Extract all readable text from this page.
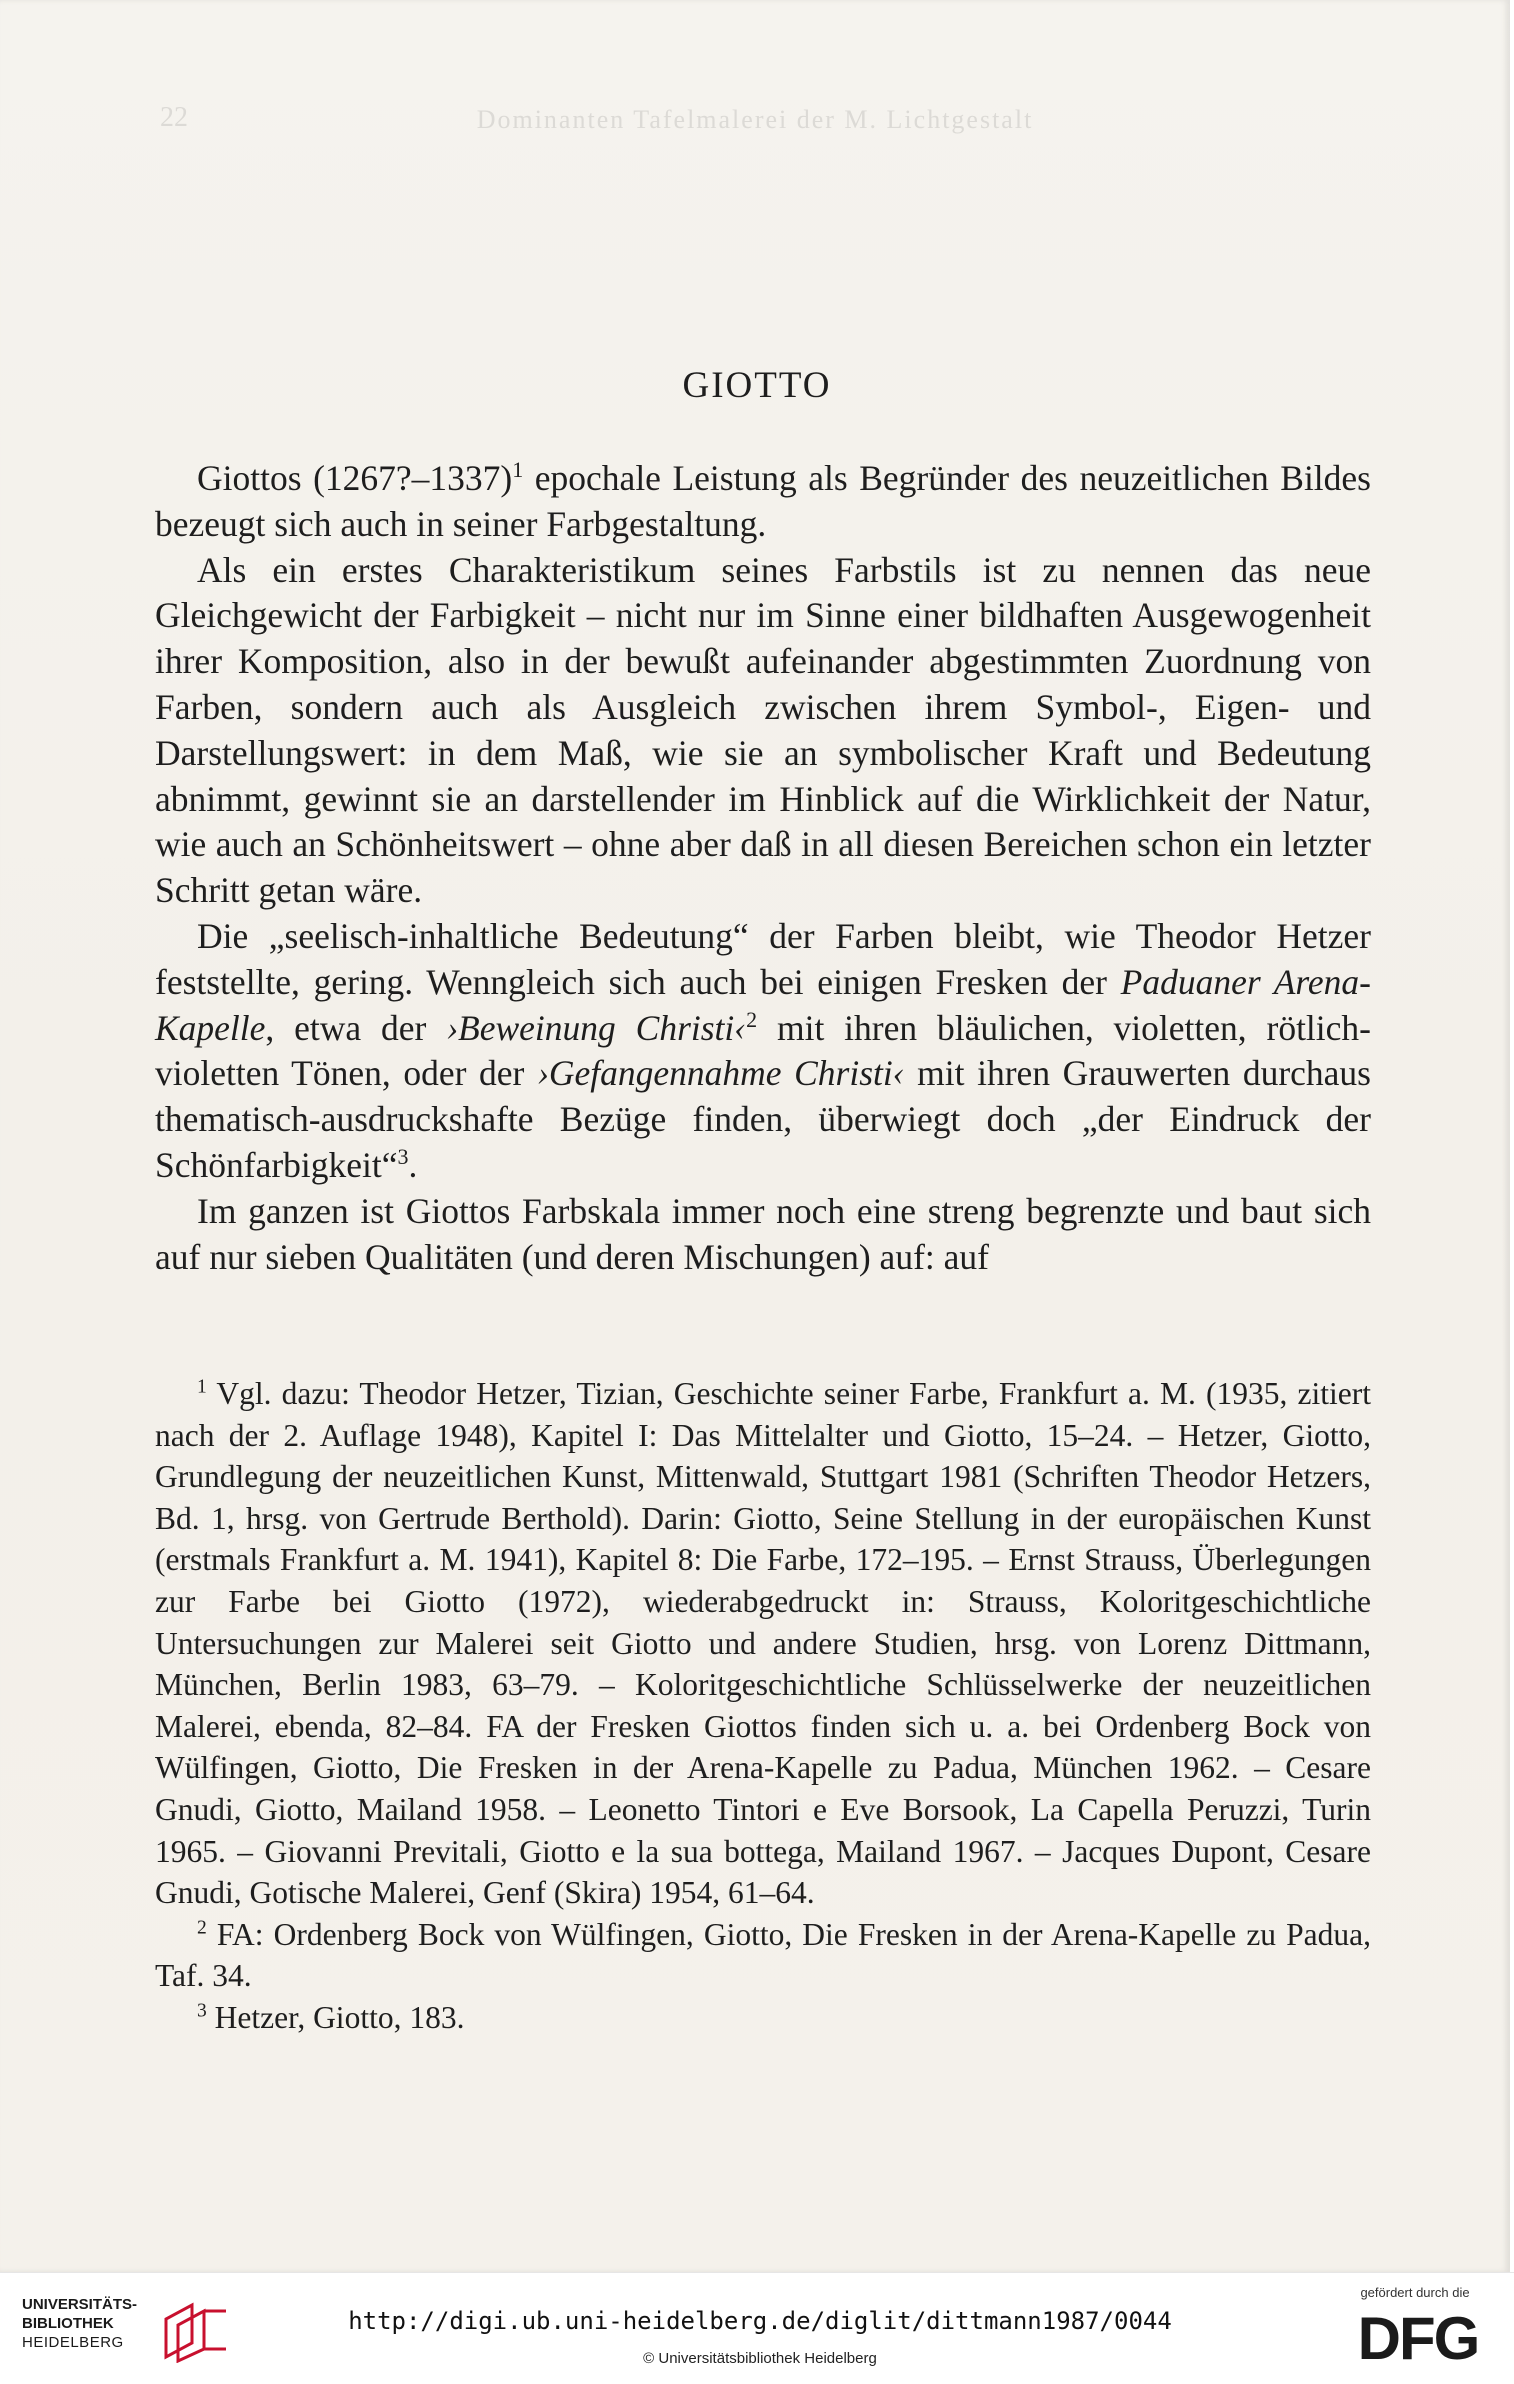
22	Dominanten Tafelmalerei der M. Lichtgestalt
GIOTTO

Giottos (1267?–1337)$^1$ epochale Leistung als Begründer des neuzeitlichen Bildes bezeugt sich auch in seiner Farbgestaltung.

Als ein erstes Charakteristikum seines Farbstils ist zu nennen das neue Gleichgewicht der Farbigkeit – nicht nur im Sinne einer bildhaften Ausgewogenheit ihrer Komposition, also in der bewußt aufeinander abgestimmten Zuordnung von Farben, sondern auch als Ausgleich zwischen ihrem Symbol-, Eigen- und Darstellungswert: in dem Maß, wie sie an symbolischer Kraft und Bedeutung abnimmt, gewinnt sie an darstellender im Hinblick auf die Wirklichkeit der Natur, wie auch an Schönheitswert – ohne aber daß in all diesen Bereichen schon ein letzter Schritt getan wäre.

Die „seelisch-inhaltliche Bedeutung“ der Farben bleibt, wie Theodor Hetzer feststellte, gering. Wenngleich sich auch bei einigen Fresken der Paduaner Arena-Kapelle, etwa der ›Beweinung Christi‹$^2$ mit ihren bläulichen, violetten, rötlich-violetten Tönen, oder der ›Gefangennahme Christi‹ mit ihren Grauwerten durchaus thematisch-ausdruckshafte Bezüge finden, überwiegt doch „der Eindruck der Schönfarbigkeit“$^3$.

Im ganzen ist Giottos Farbskala immer noch eine streng begrenzte und baut sich auf nur sieben Qualitäten (und deren Mischungen) auf: auf

$^1$ Vgl. dazu: Theodor Hetzer, Tizian, Geschichte seiner Farbe, Frankfurt a. M. (1935, zitiert nach der 2. Auflage 1948), Kapitel I: Das Mittelalter und Giotto, 15–24. – Hetzer, Giotto, Grundlegung der neuzeitlichen Kunst, Mittenwald, Stuttgart 1981 (Schriften Theodor Hetzers, Bd. 1, hrsg. von Gertrude Berthold). Darin: Giotto, Seine Stellung in der europäischen Kunst (erstmals Frankfurt a. M. 1941), Kapitel 8: Die Farbe, 172–195. – Ernst Strauss, Überlegungen zur Farbe bei Giotto (1972), wiederabgedruckt in: Strauss, Koloritgeschichtliche Untersuchungen zur Malerei seit Giotto und andere Studien, hrsg. von Lorenz Dittmann, München, Berlin 1983, 63–79. – Koloritgeschichtliche Schlüsselwerke der neuzeitlichen Malerei, ebenda, 82–84. FA der Fresken Giottos finden sich u. a. bei Ordenberg Bock von Wülfingen, Giotto, Die Fresken in der Arena-Kapelle zu Padua, München 1962. – Cesare Gnudi, Giotto, Mailand 1958. – Leonetto Tintori e Eve Borsook, La Capella Peruzzi, Turin 1965. – Giovanni Previtali, Giotto e la sua bottega, Mailand 1967. – Jacques Dupont, Cesare Gnudi, Gotische Malerei, Genf (Skira) 1954, 61–64.

$^2$ FA: Ordenberg Bock von Wülfingen, Giotto, Die Fresken in der Arena-Kapelle zu Padua, Taf. 34.

$^3$ Hetzer, Giotto, 183.

UNIVERSITÄTS-
BIBLIOTHEK
HEIDELBERG
http://digi.ub.uni-heidelberg.de/diglit/dittmann1987/0044
© Universitätsbibliothek Heidelberg
gefördert durch die
DFG
